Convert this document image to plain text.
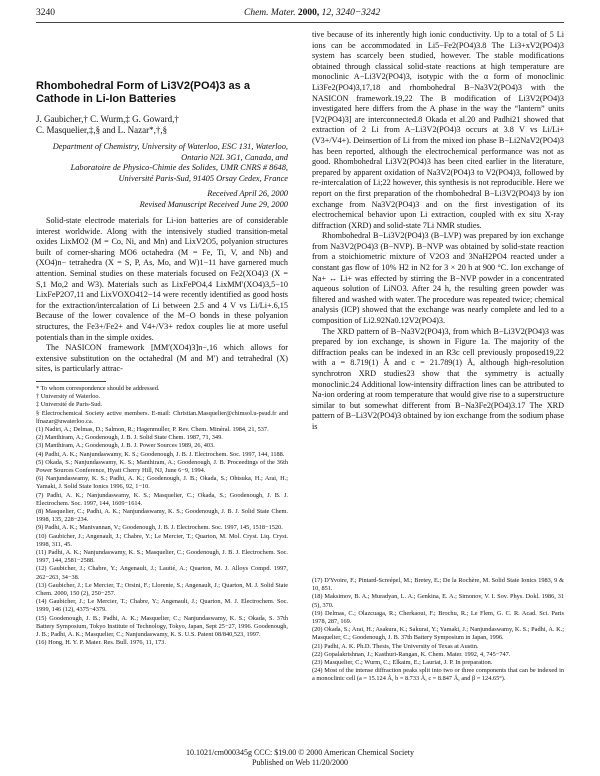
3240	Chem. Mater. 2000, 12, 3240−3242
Rhombohedral Form of Li3V2(PO4)3 as a Cathode in Li-Ion Batteries
J. Gaubicher,† C. Wurm,‡ G. Goward,†
C. Masquelier,‡,§ and L. Nazar*,†,§
Department of Chemistry, University of Waterloo, ESC 131, Waterloo, Ontario N2L 3G1, Canada, and
Laboratoire de Physico-Chimie des Solides, UMR CNRS # 8648, Université Paris-Sud, 91405 Orsay Cedex, France
Received April 26, 2000
Revised Manuscript Received June 29, 2000

Solid-state electrode materials for Li-ion batteries are of considerable interest worldwide. Along with the intensively studied transition-metal oxides LixMO2 (M = Co, Ni, and Mn) and LixV2O5, polyanion structures built of corner-sharing MO6 octahedra (M = Fe, Ti, V, and Nb) and (XO4)n− tetrahedra (X = S, P, As, Mo, and W)1−11 have garnered much attention. Seminal studies on these materials focused on Fe2(XO4)3 (X = S,1 Mo,2 and W3). Materials such as LixFePO4,4 LixMM′(XO4)3,5−10 LixFeP2O7,11 and LixVOXO412−14 were recently identified as good hosts for the extraction/intercalation of Li between 2.5 and 4 V vs Li/Li+.6,15 Because of the lower covalence of the M−O bonds in these polyanion structures, the Fe3+/Fe2+ and V4+/V3+ redox couples lie at more useful potentials than in the simple oxides.

The NASICON framework [MM′(XO4)3]n−,16 which allows for extensive substitution on the octahedral (M and M′) and tetrahedral (X) sites, is particularly attrac-

* To whom correspondence should be addressed.
† University of Waterloo.
‡ Université de Paris-Sud.
§ Electrochemical Society active members. E-mail: Christian.Masquelier@chimsol.u-psud.fr and lfnazar@uwaterloo.ca.
(1) Nadiri, A.; Delmas, D.; Salmon, R.; Hagenmuller, P. Rev. Chem. Minéral. 1984, 21, 537.
(2) Manthiram, A.; Goodenough, J. B. J. Solid State Chem. 1987, 71, 349.
(3) Manthiram, A.; Goodenough, J. B. J. Power Sources 1989, 26, 403.
(4) Padhi, A. K.; Nanjundaswamy, K. S.; Goodenough, J. B. J. Electrochem. Soc. 1997, 144, 1188.
(5) Okada, S.; Nanjundaswamy, K. S.; Manthiram, A.; Goodenough, J. B. Proceedings of the 36th Power Sources Conference, Hyatt Cherry Hill, NJ, June 6−9, 1994.
(6) Nanjundaswamy, K. S.; Padhi, A. K.; Goodenough, J. B.; Okada, S.; Ohtsuka, H.; Arai, H.; Yamaki, J. Solid State Ionics 1996, 92, 1−10.
(7) Padhi, A. K.; Nanjundaswamy, K. S.; Masquelier, C.; Okada, S.; Goodenough, J. B. J. Electrochem. Soc. 1997, 144, 1609−1614.
(8) Masquelier, C.; Padhi, A. K.; Nanjundaswamy, K. S.; Goodenough, J. B. J. Solid State Chem. 1998, 135, 228−234.
(9) Padhi, A. K.; Manivannan, V.; Goodenough, J. B. J. Electrochem. Soc. 1997, 145, 1518−1520.
(10) Gaubicher, J.; Angenault, J.; Chabre, Y.; Le Mercier, T.; Quarton, M. Mol. Cryst. Liq. Cryst. 1998, 311, 45.
(11) Padhi, A. K.; Nanjundaswamy, K. S.; Masquelier, C.; Goodenough, J. B. J. Electrochem. Soc. 1997, 144, 2581−2588.
(12) Gaubicher, J.; Chabre, Y.; Angenault, J.; Lautié, A.; Quarton, M. J. Alloys Compd. 1997, 262−263, 34−38.
(13) Gaubicher, J.; Le Mercier, T.; Orsini, F.; Llorente, S.; Angenault, J.; Quarton, M. J. Solid State Chem. 2000, 150 (2), 250−257.
(14) Gaubicher, J.; Le Mercier, T.; Chabre, Y.; Angenault, J.; Quarton, M. J. Electrochem. Soc. 1999, 146 (12), 4375−4379.
(15) Goodenough, J. B.; Padhi, A. K.; Masquelier, C.; Nanjundaswamy, K. S.; Okada, S. 37th Battery Symposium, Tokyo Institute of Technology, Tokyo, Japan, Sept 25−27, 1996. Goodenough, J. B.; Padhi, A. K.; Masquelier, C.; Nanjundaswamy, K. S. U.S. Patent 08/840,523, 1997.
(16) Hong, H. Y. P. Mater. Res. Bull. 1976, 11, 173.

tive because of its inherently high ionic conductivity. Up to a total of 5 Li ions can be accommodated in Li5−Fe2(PO4)3.8 The Li3+xV2(PO4)3 system has scarcely been studied, however. The stable modifications obtained through classical solid-state reactions at high temperature are monoclinic A−Li3V2(PO4)3, isotypic with the α form of monoclinic Li3Fe2(PO4)3,17,18 and rhombohedral B−Na3V2(PO4)3 with the NASICON framework.19,22 The B modification of Li3V2(PO4)3 investigated here differs from the A phase in the way the “lantern” units [V2(PO4)3] are interconnected.8 Okada et al.20 and Padhi21 showed that extraction of 2 Li from A−Li3V2(PO4)3 occurs at 3.8 V vs Li/Li+ (V3+/V4+). Deinsertion of Li from the mixed ion phase B−Li2NaV2(PO4)3 has been reported, although the electrochemical performance was not as good. Rhombohedral Li3V2(PO4)3 has been cited earlier in the literature, prepared by apparent oxidation of Na3V2(PO4)3 to V2(PO4)3, followed by re-intercalation of Li;22 however, this synthesis is not reproducible. Here we report on the first preparation of the rhombohedral B−Li3V2(PO4)3 by ion exchange from Na3V2(PO4)3 and on the first investigation of its electrochemical behavior upon Li extraction, coupled with ex situ X-ray diffraction (XRD) and solid-state 7Li NMR studies.

Rhombohedral B−Li3V2(PO4)3 (B−LVP) was prepared by ion exchange from Na3V2(PO4)3 (B−NVP). B−NVP was obtained by solid-state reaction from a stoichiometric mixture of V2O3 and 3NaH2PO4 reacted under a constant gas flow of 10% H2 in N2 for 3 × 20 h at 900 °C. Ion exchange of Na+ ↔ Li+ was effected by stirring the B−NVP powder in a concentrated aqueous solution of LiNO3. After 24 h, the resulting green powder was filtered and washed with water. The procedure was repeated twice; chemical analysis (ICP) showed that the exchange was nearly complete and led to a composition of Li2.92Na0.12V2(PO4)3.

The XRD pattern of B−Na3V2(PO4)3, from which B−Li3V2(PO4)3 was prepared by ion exchange, is shown in Figure 1a. The majority of the diffraction peaks can be indexed in an R3c cell previously proposed19,22 with a = 8.719(1) Å and c = 21.789(1) Å, although high-resolution synchrotron XRD studies23 show that the symmetry is actually monoclinic.24 Additional low-intensity diffraction lines can be attributed to Na-ion ordering at room temperature that would give rise to a superstructure similar to but somewhat different from B−Na3Fe2(PO4)3.17 The XRD pattern of B−Li3V2(PO4)3 obtained by ion exchange from the sodium phase is

(17) D'Yvoire, F.; Pintard-Screépel, M.; Bretey, E.; De la Rochère, M. Solid State Ionics 1983, 9 & 10, 851.
(18) Maksimov, B. A.; Muradyan, L. A.; Genkina, E. A.; Simonov, V. I. Sov. Phys. Dokl. 1986, 31 (5), 370.
(19) Delmas, C.; Olazcuaga, R.; Cherkaoui, F.; Brochu, R.; Le Flem, G. C. R. Acad. Sci. Paris 1978, 287, 169.
(20) Okada, S.; Arai, H.; Asakura, K.; Sakurai, Y.; Yamaki, J.; Nanjundaswamy, K. S.; Padhi, A. K.; Masquelier, C.; Goodenough, J. B. 37th Battery Symposium in Japan, 1996.
(21) Padhi, A. K. Ph.D. Thesis, The University of Texas at Austin.
(22) Gopalakrishnan, J.; Kasthuri-Rangan, K. Chem. Mater. 1992, 4, 745−747.
(23) Masquelier, C.; Wurm, C.; Elkaim, E.; Lauriat, J. P. In preparation.
(24) Most of the intense diffraction peaks split into two or three components that can be indexed in a monoclinic cell (a = 15.124 Å, b = 8.733 Å, c = 8.847 Å, and β = 124.65°).
10.1021/cm000345g CCC: $19.00 © 2000 American Chemical Society
Published on Web 11/20/2000
